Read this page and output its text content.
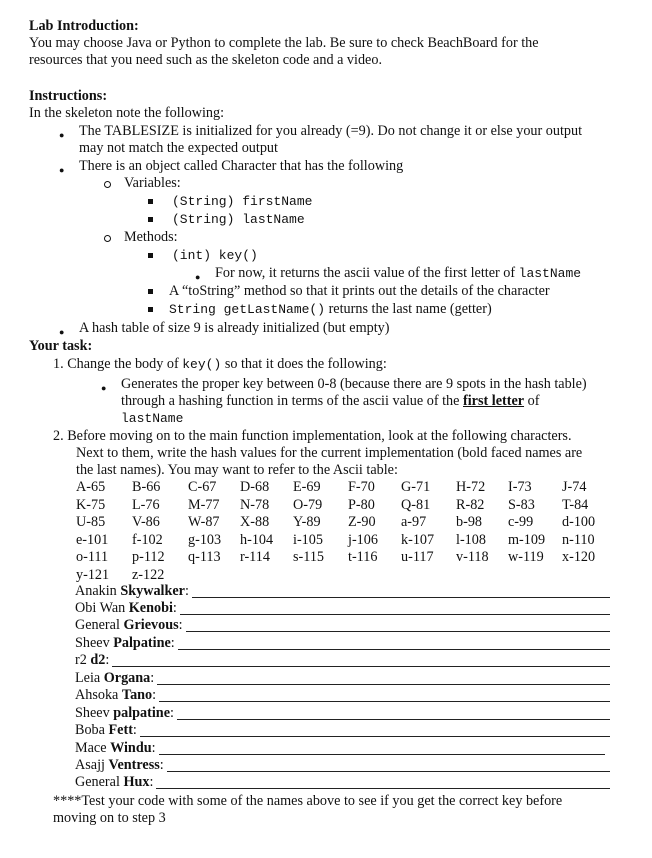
Lab Introduction:
You may choose Java or Python to complete the lab. Be sure to check BeachBoard for the
resources that you need such as the skeleton code and a video.
Instructions:
In the skeleton note the following:
● The TABLESIZE is initialized for you already (=9). Do not change it or else your output
may not match the expected output
● There is an object called Character that has the following
Variables:
(String) firstName
(String) lastName
Methods:
(int) key()
● For now, it returns the ascii value of the first letter of lastName
A “toString” method so that it prints out the details of the character
String getLastName() returns the last name (getter)
● A hash table of size 9 is already initialized (but empty)
Your task:
1. Change the body of key() so that it does the following:
● Generates the proper key between 0-8 (because there are 9 spots in the hash table)
through a hashing function in terms of the ascii value of the first letter of
lastName
2. Before moving on to the main function implementation, look at the following characters.
Next to them, write the hash values for the current implementation (bold faced names are
the last names). You may want to refer to the Ascii table:
A-65	B-66	C-67	D-68	E-69	F-70	G-71	H-72	I-73	J-74
K-75	L-76	M-77	N-78	O-79	P-80	Q-81	R-82	S-83	T-84
U-85	V-86	W-87	X-88	Y-89	Z-90	a-97	b-98	c-99	d-100
e-101	f-102	g-103	h-104	i-105	j-106	k-107	l-108	m-109	n-110
o-111	p-112	q-113	r-114	s-115	t-116	u-117	v-118	w-119	x-120
y-121	z-122								
Anakin Skywalker:
Obi Wan Kenobi:
General Grievous:
Sheev Palpatine:
r2 d2:
Leia Organa:
Ahsoka Tano:
Sheev palpatine:
Boba Fett:
Mace Windu:
Asajj Ventress:
General Hux:
****Test your code with some of the names above to see if you get the correct key before
moving on to step 3
